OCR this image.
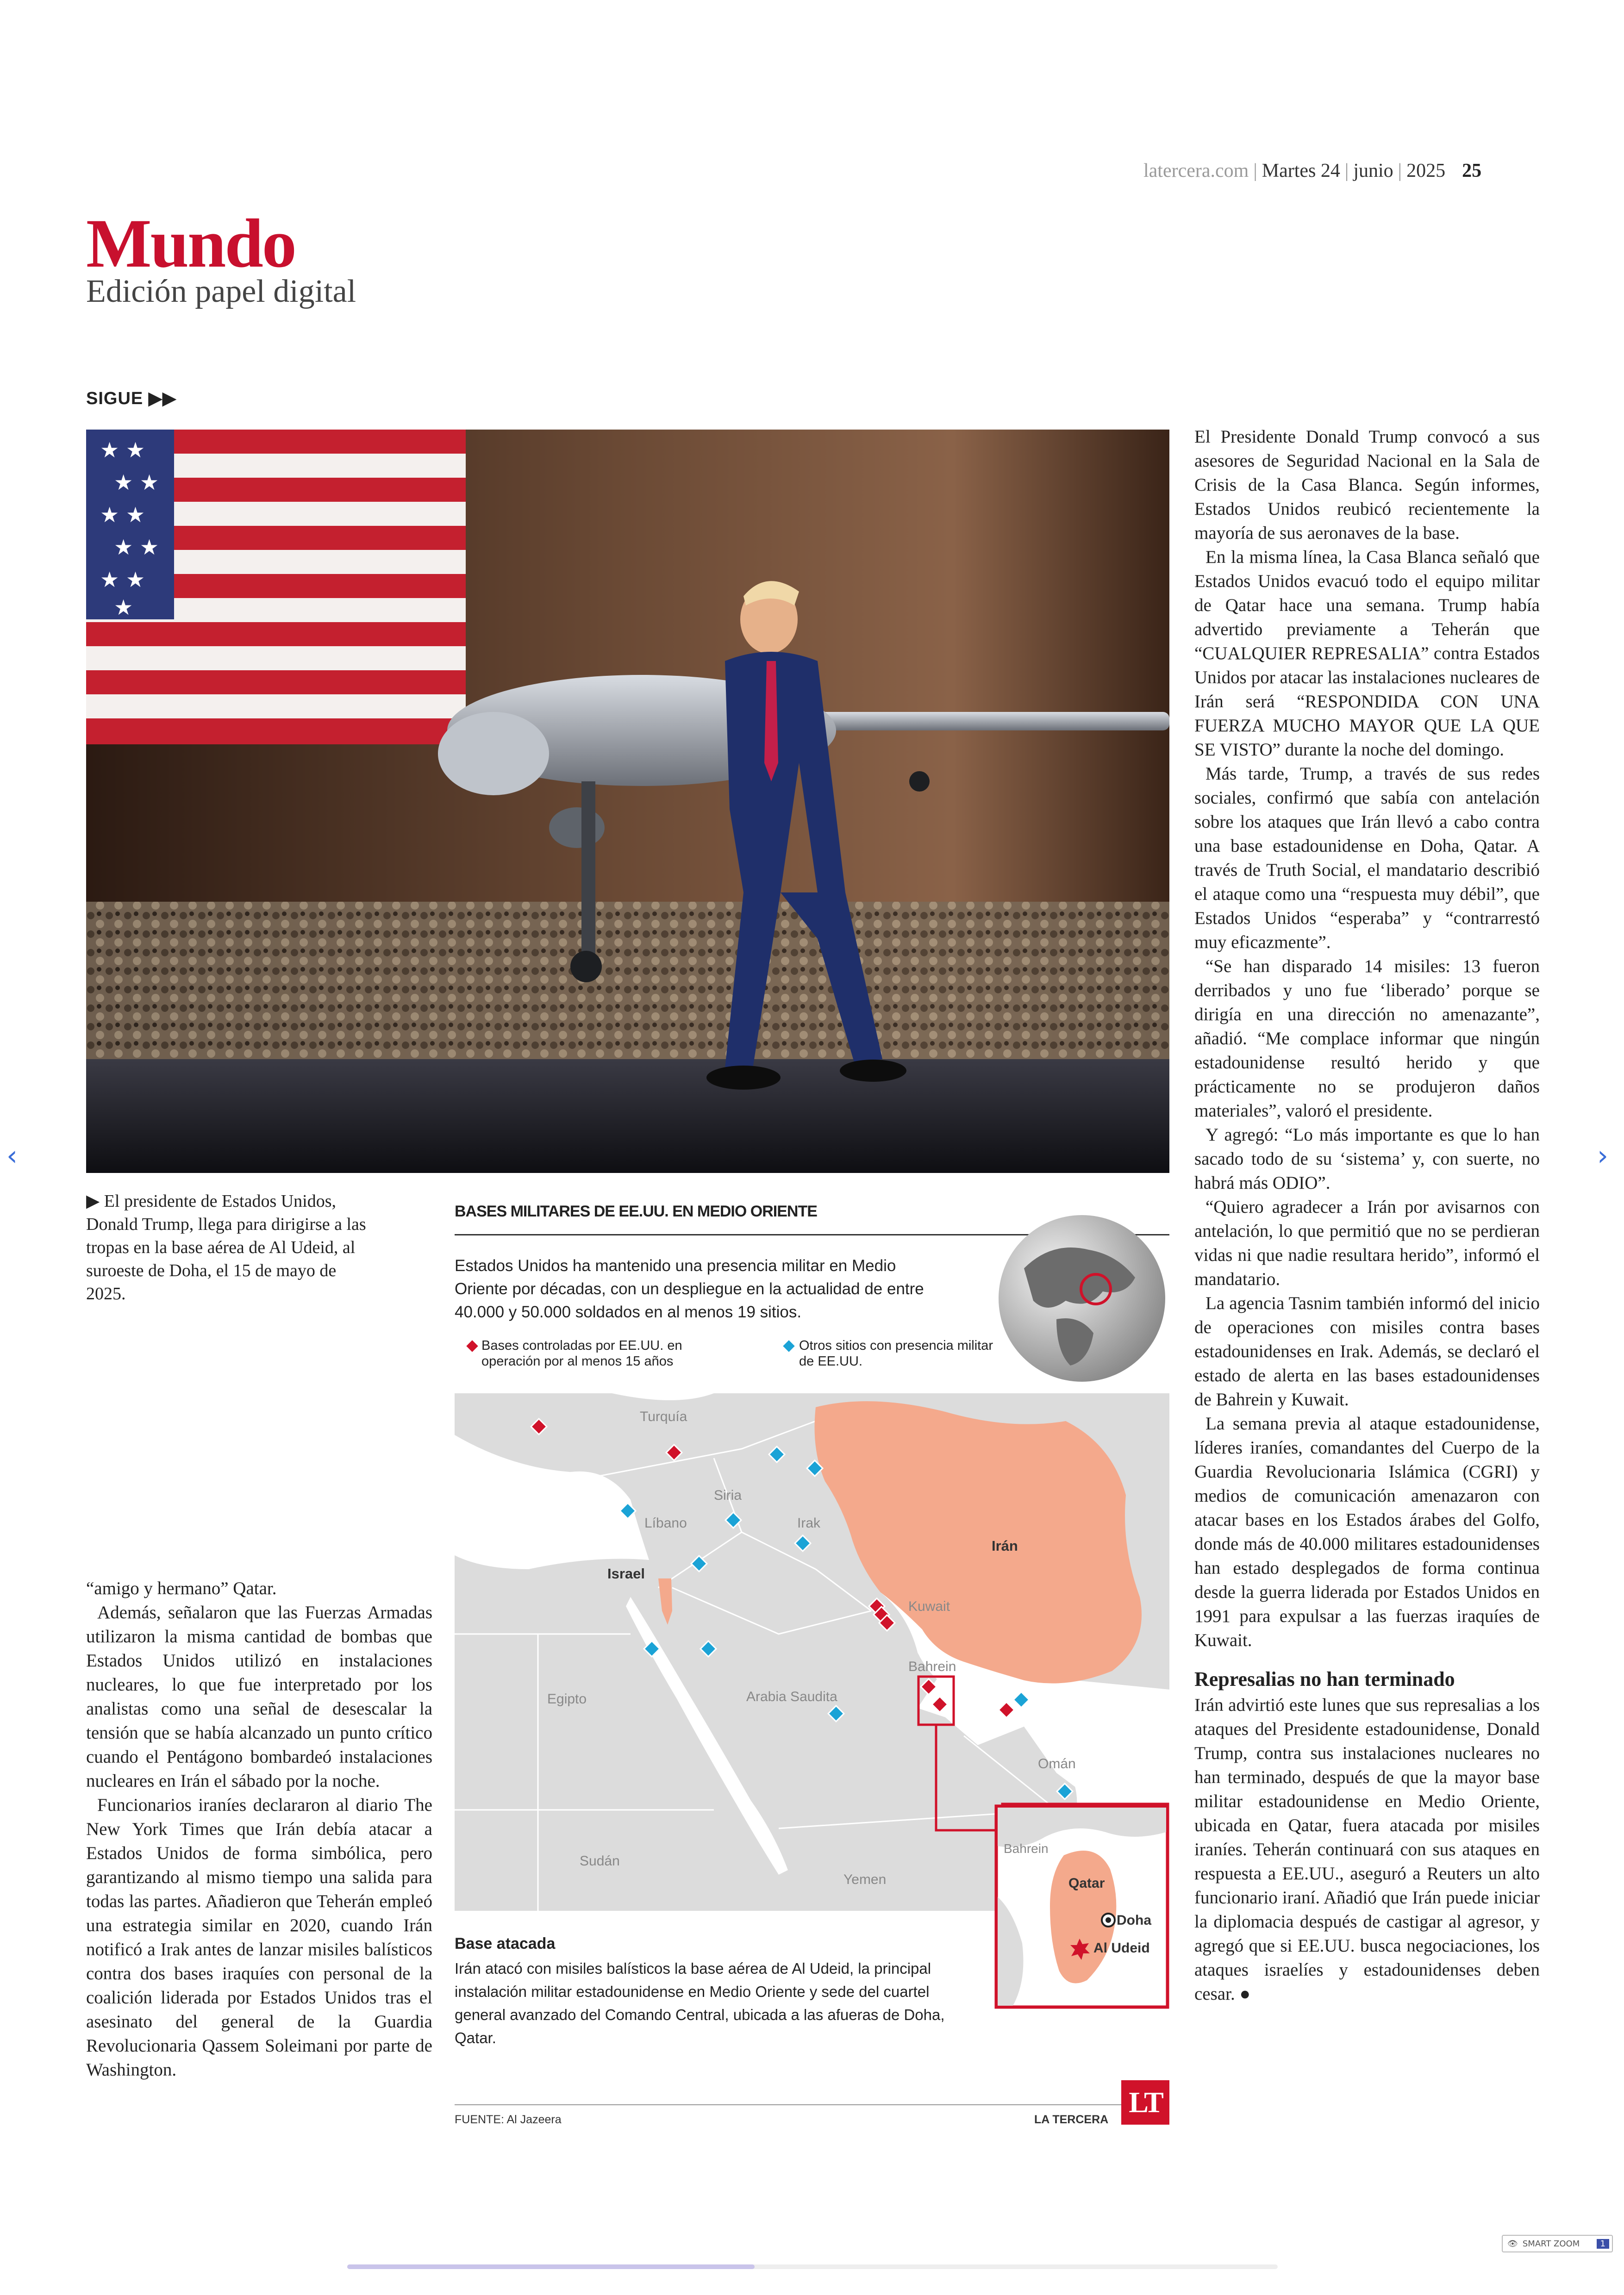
latercera.com | Martes 24 | junio | 2025 25
Mundo
Edición papel digital
SIGUE ▶▶
★ ★
★ ★
★ ★
★ ★
★ ★
★
▶ El presidente de Estados Unidos, Donald Trump, llega para dirigirse a las tropas en la base aérea de Al Udeid, al suroeste de Doha, el 15 de mayo de 2025.

El Presidente Donald Trump convocó a sus asesores de Seguridad Nacional en la Sala de Crisis de la Casa Blanca. Según informes, Estados Unidos reubicó recientemente la mayoría de sus aeronaves de la base.

En la misma línea, la Casa Blanca señaló que Estados Unidos evacuó todo el equipo militar de Qatar hace una semana. Trump había advertido previamente a Teherán que “CUALQUIER REPRESALIA” contra Estados Unidos por atacar las instalaciones nucleares de Irán será “RESPONDIDA CON UNA FUERZA MUCHO MAYOR QUE LA QUE SE VISTO” durante la noche del domingo.

Más tarde, Trump, a través de sus redes sociales, confirmó que sabía con antelación sobre los ataques que Irán llevó a cabo contra una base estadounidense en Doha, Qatar. A través de Truth Social, el mandatario describió el ataque como una “respuesta muy débil”, que Estados Unidos “esperaba” y “contrarrestó muy eficazmente”.

“Se han disparado 14 misiles: 13 fueron derribados y uno fue ‘liberado’ porque se dirigía en una dirección no amenazante”, añadió. “Me complace informar que ningún estadounidense resultó herido y que prácticamente no se produjeron daños materiales”, valoró el presidente.

Y agregó: “Lo más importante es que lo han sacado todo de su ‘sistema’ y, con suerte, no habrá más ODIO”.

“Quiero agradecer a Irán por avisarnos con antelación, lo que permitió que no se perdieran vidas ni que nadie resultara herido”, informó el mandatario.

La agencia Tasnim también informó del inicio de operaciones con misiles contra bases estadounidenses en Irak. Además, se declaró el estado de alerta en las bases estadounidenses de Bahrein y Kuwait.

La semana previa al ataque estadounidense, líderes iraníes, comandantes del Cuerpo de la Guardia Revolucionaria Islámica (CGRI) y medios de comunicación amenazaron con atacar bases en los Estados árabes del Golfo, donde más de 40.000 militares estadounidenses han estado desplegados de forma continua desde la guerra liderada por Estados Unidos en 1991 para expulsar a las fuerzas iraquíes de Kuwait.

Represalias no han terminado

Irán advirtió este lunes que sus represalias a los ataques del Presidente estadounidense, Donald Trump, contra sus instalaciones nucleares no han terminado, después de que la mayor base militar estadounidense en Medio Oriente, ubicada en Qatar, fuera atacada por misiles iraníes. Teherán continuará con sus ataques en respuesta a EE.UU., aseguró a Reuters un alto funcionario iraní. Añadió que Irán puede iniciar la diplomacia después de castigar al agresor, y agregó que si EE.UU. busca negociaciones, los ataques israelíes y estadounidenses deben cesar. ●

“amigo y hermano” Qatar.

Además, señalaron que las Fuerzas Armadas utilizaron la misma cantidad de bombas que Estados Unidos utilizó en instalaciones nucleares, lo que fue interpretado por los analistas como una señal de desescalar la tensión que se había alcanzado un punto crítico cuando el Pentágono bombardeó instalaciones nucleares en Irán el sábado por la noche.

Funcionarios iraníes declararon al diario The New York Times que Irán debía atacar a Estados Unidos de forma simbólica, pero garantizando al mismo tiempo una salida para todas las partes. Añadieron que Teherán empleó una estrategia similar en 2020, cuando Irán notificó a Irak antes de lanzar misiles balísticos contra dos bases iraquíes con personal de la coalición liderada por Estados Unidos tras el asesinato del general de la Guardia Revolucionaria Qassem Soleimani por parte de Washington.

BASES MILITARES DE EE.UU. EN MEDIO ORIENTE
Estados Unidos ha mantenido una presencia militar en Medio Oriente por décadas, con un despliegue en la actualidad de entre 40.000 y 50.000 soldados en al menos 19 sitios.
Bases controladas por EE.UU. en operación por al menos 15 años
Otros sitios con presencia militar de EE.UU.
Turquía
Siria
Líbano	Irak
Egipto	Arabia Saudita
Omán
Sudán
Yemen
Kuwait
Bahrein
Irán
Israel
Bahrein
Qatar
Doha
Al Udeid
Base atacada
Irán atacó con misiles balísticos la base aérea de Al Udeid, la principal instalación militar estadounidense en Medio Oriente y sede del cuartel general avanzado del Comando Central, ubicada a las afueras de Doha, Qatar.
FUENTE: Al Jazeera	LA TERCERA
LT
‹	›
👁 SMART ZOOM	1
